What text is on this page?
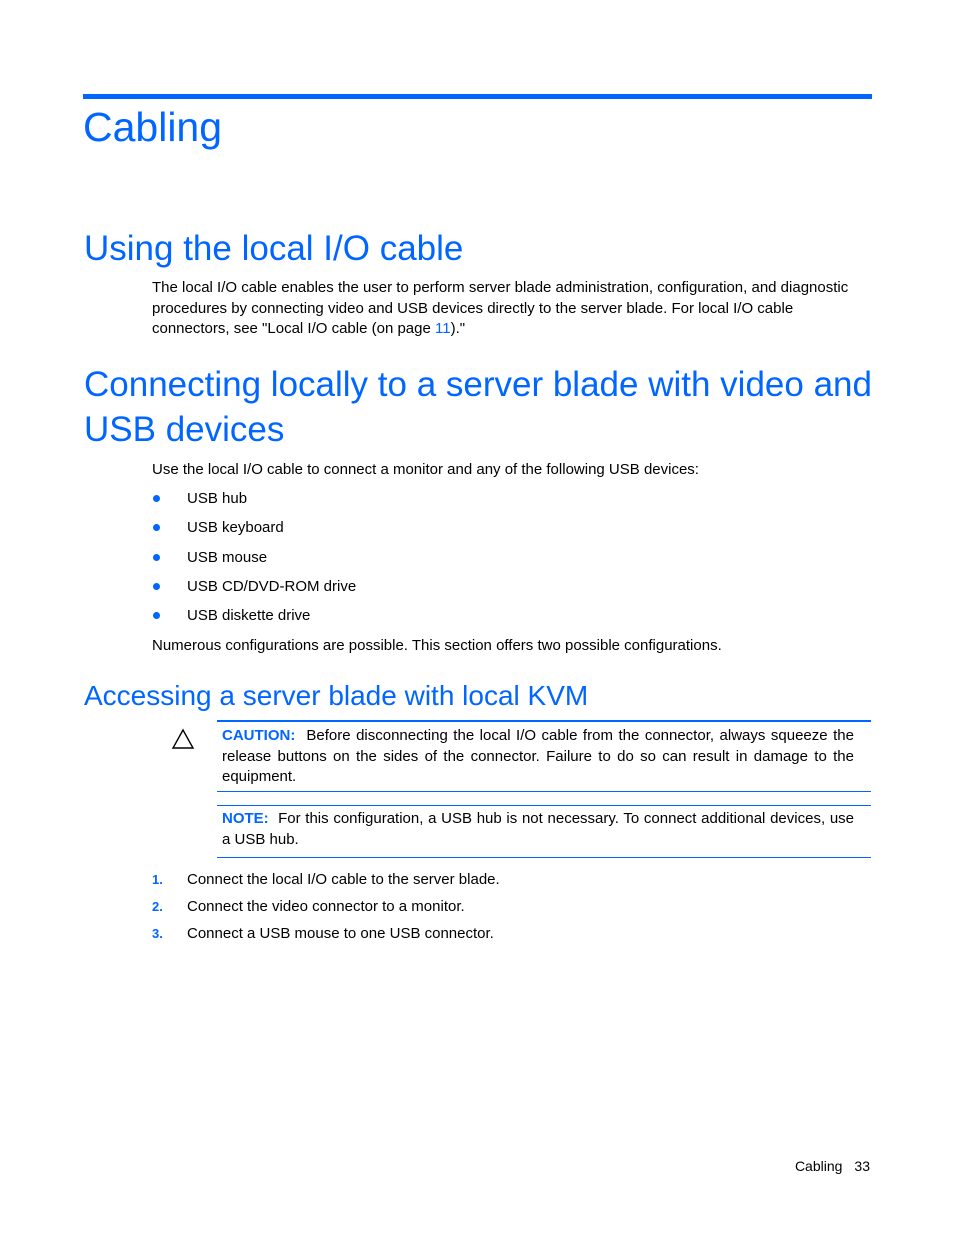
Cabling
Using the local I/O cable

The local I/O cable enables the user to perform server blade administration, configuration, and diagnostic procedures by connecting video and USB devices directly to the server blade. For local I/O cable connectors, see "Local I/O cable (on page 11)."

Connecting locally to a server blade with video and USB devices

Use the local I/O cable to connect a monitor and any of the following USB devices:

USB hub
USB keyboard
USB mouse
USB CD/DVD-ROM drive
USB diskette drive

Numerous configurations are possible. This section offers two possible configurations.

Accessing a server blade with local KVM

CAUTION: Before disconnecting the local I/O cable from the connector, always squeeze the release buttons on the sides of the connector. Failure to do so can result in damage to the equipment.

NOTE: For this configuration, a USB hub is not necessary. To connect additional devices, use a USB hub.

1. Connect the local I/O cable to the server blade.
2. Connect the video connector to a monitor.
3. Connect a USB mouse to one USB connector.
Cabling 33
